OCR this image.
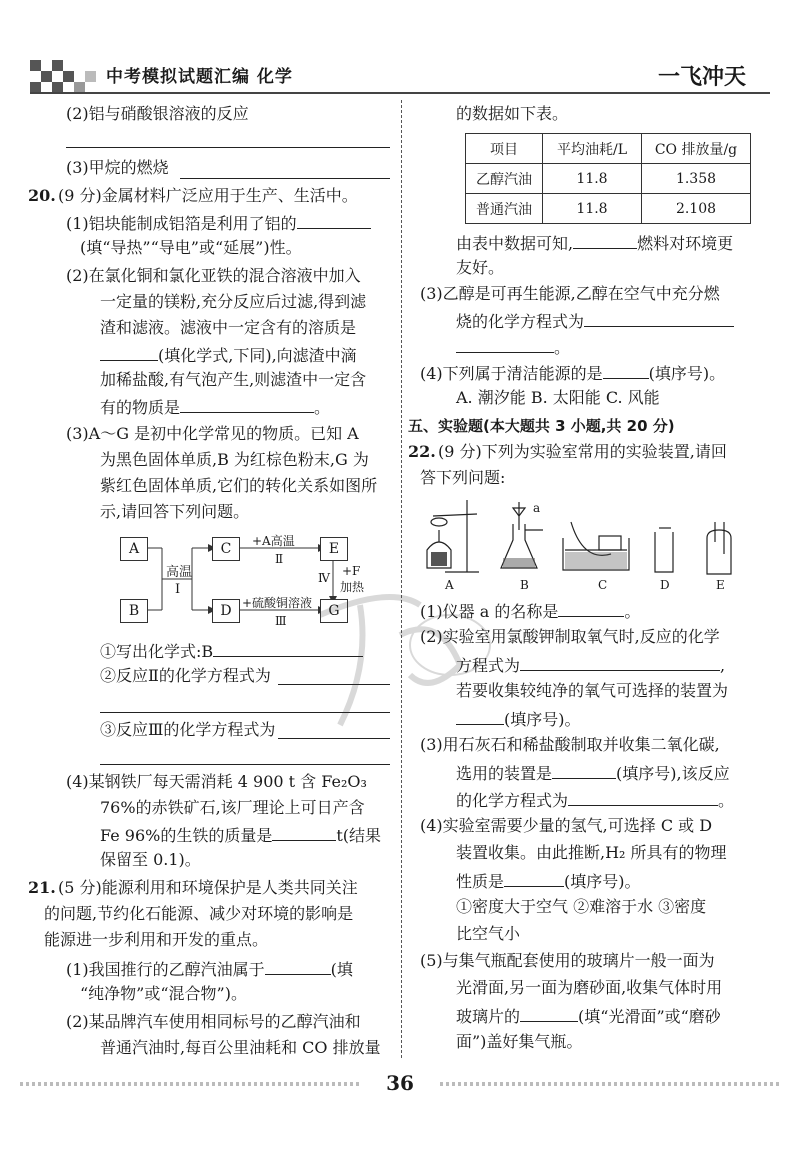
中考模拟试题汇编 化学	一飞冲天
(2)铝与硝酸银溶液的反应
(3)甲烷的燃烧
20. (9 分)金属材料广泛应用于生产、生活中。
(1)铝块能制成铝箔是利用了铝的
(填“导热”“导电”或“延展”)性。
(2)在氯化铜和氯化亚铁的混合溶液中加入
一定量的镁粉,充分反应后过滤,得到滤
渣和滤液。滤液中一定含有的溶质是
(填化学式,下同),向滤渣中滴
加稀盐酸,有气泡产生,则滤渣中一定含
有的物质是	。
(3)A～G 是初中化学常见的物质。已知 A
为黑色固体单质,B 为红棕色粉末,G 为
紫红色固体单质,它们的转化关系如图所
示,请回答下列问题。
A
B
C
D
E
G
高温
Ⅰ
+A高温
Ⅱ
+硫酸铜溶液
Ⅲ
Ⅳ +F
加热
①写出化学式:B
②反应Ⅱ的化学方程式为
③反应Ⅲ的化学方程式为
(4)某钢铁厂每天需消耗 4 900 t 含 Fe₂O₃
76%的赤铁矿石,该厂理论上可日产含
Fe 96%的生铁的质量是	t(结果
保留至 0.1)。
21. (5 分)能源利用和环境保护是人类共同关注
的问题,节约化石能源、减少对环境的影响是
能源进一步利用和开发的重点。
(1)我国推行的乙醇汽油属于	(填
“纯净物”或“混合物”)。
(2)某品牌汽车使用相同标号的乙醇汽油和
普通汽油时,每百公里油耗和 CO 排放量
的数据如下表。
项目	平均油耗/L	CO 排放量/g
乙醇汽油	11.8	1.358
普通汽油	11.8	2.108
由表中数据可知,	燃料对环境更
友好。
(3)乙醇是可再生能源,乙醇在空气中充分燃
烧的化学方程式为
。
(4)下列属于清洁能源的是	(填序号)。
A. 潮汐能 B. 太阳能 C. 风能
五、实验题(本大题共 3 小题,共 20 分)
22. (9 分)下列为实验室常用的实验装置,请回
答下列问题:
a
A	B	C	D	E
(1)仪器 a 的名称是	。
(2)实验室用氯酸钾制取氧气时,反应的化学
方程式为	,
若要收集较纯净的氧气可选择的装置为
(填序号)。
(3)用石灰石和稀盐酸制取并收集二氧化碳,
选用的装置是	(填序号),该反应
的化学方程式为	。
(4)实验室需要少量的氢气,可选择 C 或 D
装置收集。由此推断,H₂ 所具有的物理
性质是	(填序号)。
①密度大于空气 ②难溶于水 ③密度
比空气小
(5)与集气瓶配套使用的玻璃片一般一面为
光滑面,另一面为磨砂面,收集气体时用
玻璃片的	(填“光滑面”或“磨砂
面”)盖好集气瓶。
36
